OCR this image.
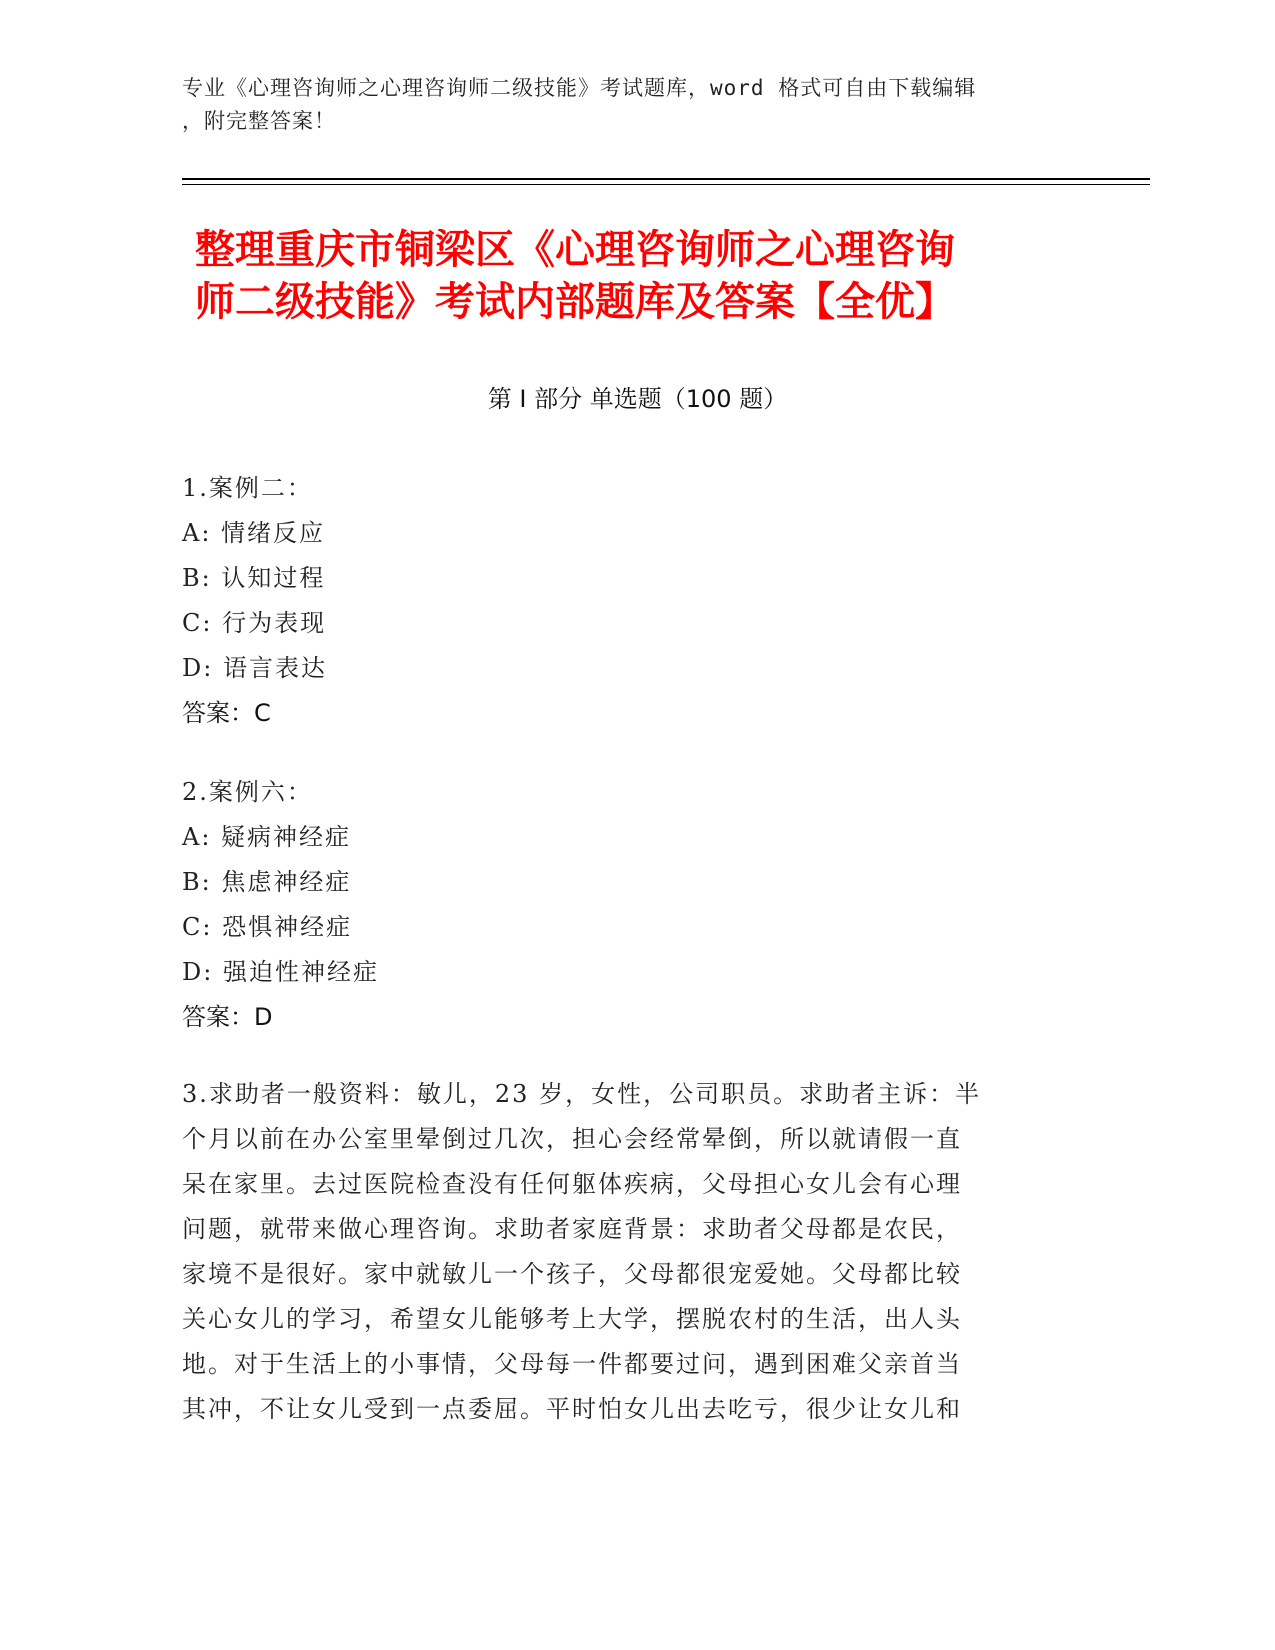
专业《心理咨询师之心理咨询师二级技能》考试题库，word 格式可自由下载编辑
，附完整答案！
整理重庆市铜梁区《心理咨询师之心理咨询
师二级技能》考试内部题库及答案【全优】
第 I 部分 单选题（100 题）
1.案例二：
A: 情绪反应
B: 认知过程
C: 行为表现
D: 语言表达
答案：C
2.案例六：
A: 疑病神经症
B: 焦虑神经症
C: 恐惧神经症
D: 强迫性神经症
答案：D
3.求助者一般资料：敏儿，23 岁，女性，公司职员。求助者主诉：半
个月以前在办公室里晕倒过几次，担心会经常晕倒，所以就请假一直
呆在家里。去过医院检查没有任何躯体疾病，父母担心女儿会有心理
问题，就带来做心理咨询。求助者家庭背景：求助者父母都是农民，
家境不是很好。家中就敏儿一个孩子，父母都很宠爱她。父母都比较
关心女儿的学习，希望女儿能够考上大学，摆脱农村的生活，出人头
地。对于生活上的小事情，父母每一件都要过问，遇到困难父亲首当
其冲，不让女儿受到一点委屈。平时怕女儿出去吃亏，很少让女儿和
